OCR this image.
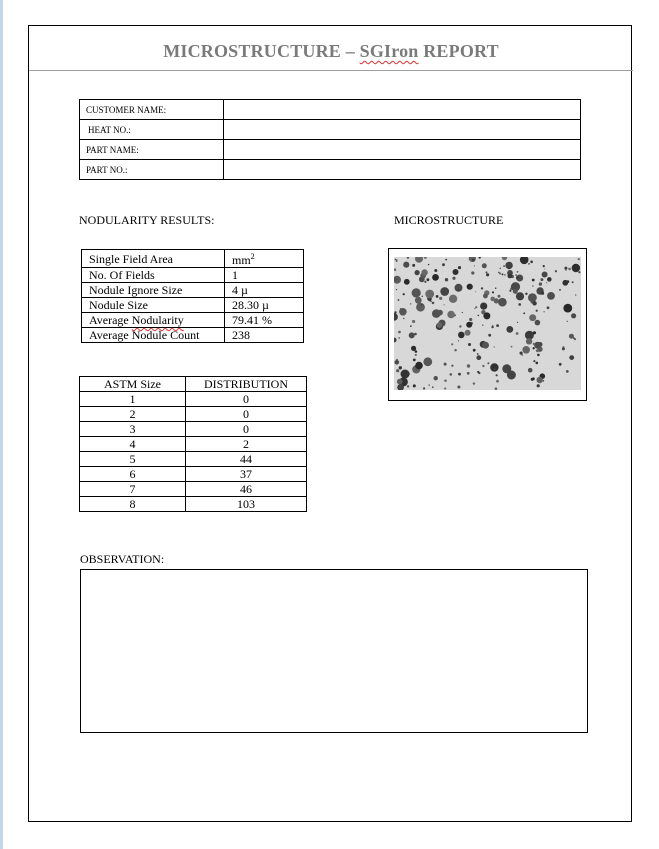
MICROSTRUCTURE – SGIron REPORT
CUSTOMER NAME:	
HEAT NO.:	
PART NAME:	
PART NO.:	
NODULARITY RESULTS:	MICROSTRUCTURE
Single Field Area	$mm^2$
No. Of Fields	1
Nodule Ignore Size	4 µ
Nodule Size	28.30 µ
Average Nodularity	79.41 %
Average Nodule Count	238
ASTM Size	DISTRIBUTION
1	0
2	0
3	0
4	2
5	44
6	37
7	46
8	103
OBSERVATION:
